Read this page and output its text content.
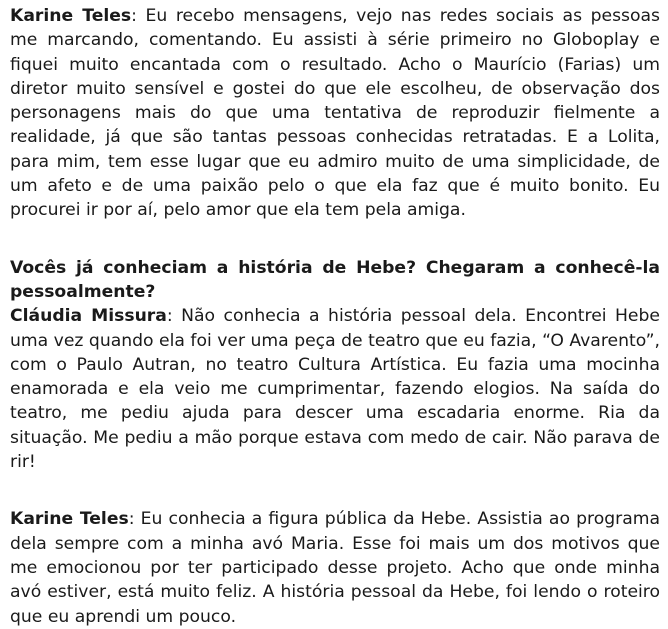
Karine Teles: Eu recebo mensagens, vejo nas redes sociais as pessoas me marcando, comentando. Eu assisti à série primeiro no Globoplay e fiquei muito encantada com o resultado. Acho o Maurício (Farias) um diretor muito sensível e gostei do que ele escolheu, de observação dos personagens mais do que uma tentativa de reproduzir fielmente a realidade, já que são tantas pessoas conhecidas retratadas. E a Lolita, para mim, tem esse lugar que eu admiro muito de uma simplicidade, de um afeto e de uma paixão pelo o que ela faz que é muito bonito. Eu procurei ir por aí, pelo amor que ela tem pela amiga.

Vocês já conheciam a história de Hebe? Chegaram a conhecê-la pessoalmente?

Cláudia Missura: Não conhecia a história pessoal dela. Encontrei Hebe uma vez quando ela foi ver uma peça de teatro que eu fazia, “O Avarento”, com o Paulo Autran, no teatro Cultura Artística. Eu fazia uma mocinha enamorada e ela veio me cumprimentar, fazendo elogios. Na saída do teatro, me pediu ajuda para descer uma escadaria enorme. Ria da situação. Me pediu a mão porque estava com medo de cair. Não parava de rir!

Karine Teles: Eu conhecia a figura pública da Hebe. Assistia ao programa dela sempre com a minha avó Maria. Esse foi mais um dos motivos que me emocionou por ter participado desse projeto. Acho que onde minha avó estiver, está muito feliz. A história pessoal da Hebe, foi lendo o roteiro que eu aprendi um pouco.
